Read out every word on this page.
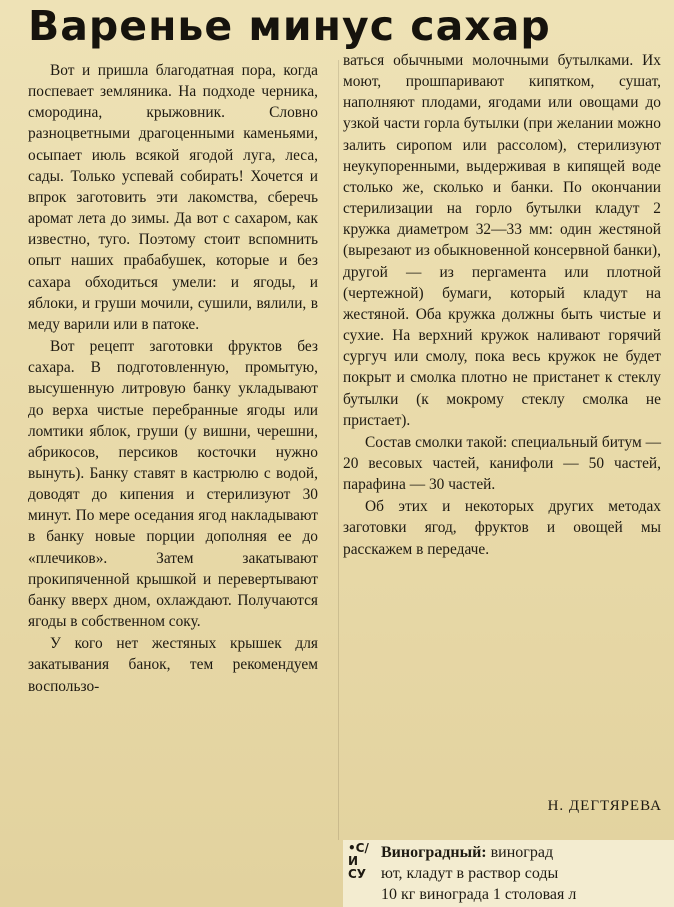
Варенье минус сахар

Вот и пришла благодатная пора, когда поспевает земляника. На подходе черника, смородина, крыжовник. Словно разноцветными драгоценными каменьями, осыпает июль всякой ягодой луга, леса, сады. Только успевай собирать! Хочется и впрок заготовить эти лакомства, сберечь аромат лета до зимы. Да вот с сахаром, как известно, туго. Поэтому стоит вспомнить опыт наших прабабушек, которые и без сахара обходиться умели: и ягоды, и яблоки, и груши мочили, сушили, вялили, в меду варили или в патоке.

Вот рецепт заготовки фруктов без сахара. В подготовленную, промытую, высушенную литровую банку укладывают до верха чистые перебранные ягоды или ломтики яблок, груши (у вишни, черешни, абрикосов, персиков косточки нужно вынуть). Банку ставят в кастрюлю с водой, доводят до кипения и стерилизуют 30 минут. По мере оседания ягод накладывают в банку новые порции дополняя ее до «плечиков». Затем закатывают прокипяченной крышкой и перевертывают банку вверх дном, охлаждают. Получаются ягоды в собственном соку.

У кого нет жестяных крышек для закатывания банок, тем рекомендуем воспользо-

ваться обычными молочными бутылками. Их моют, прошпаривают кипятком, сушат, наполняют плодами, ягодами или овощами до узкой части горла бутылки (при желании можно залить сиропом или рассолом), стерилизуют неукупоренными, выдерживая в кипящей воде столько же, сколько и банки. По окончании стерилизации на горло бутылки кладут 2 кружка диаметром 32—33 мм: один жестяной (вырезают из обыкновенной консервной банки), другой — из пергамента или плотной (чертежной) бумаги, который кладут на жестяной. Оба кружка должны быть чистые и сухие. На верхний кружок наливают горячий сургуч или смолу, пока весь кружок не будет покрыт и смолка плотно не пристанет к стеклу бутылки (к мокрому стеклу смолка не пристает).

Состав смолки такой: специальный битум — 20 весовых частей, канифоли — 50 частей, парафина — 30 частей.

Об этих и некоторых других методах заготовки ягод, фруктов и овощей мы расскажем в передаче.

Н. ДЕГТЯРЕВА
•С/
И
СУ
Виноградный: виноград
ют, кладут в раствор соды
10 кг винограда 1 столовая л
